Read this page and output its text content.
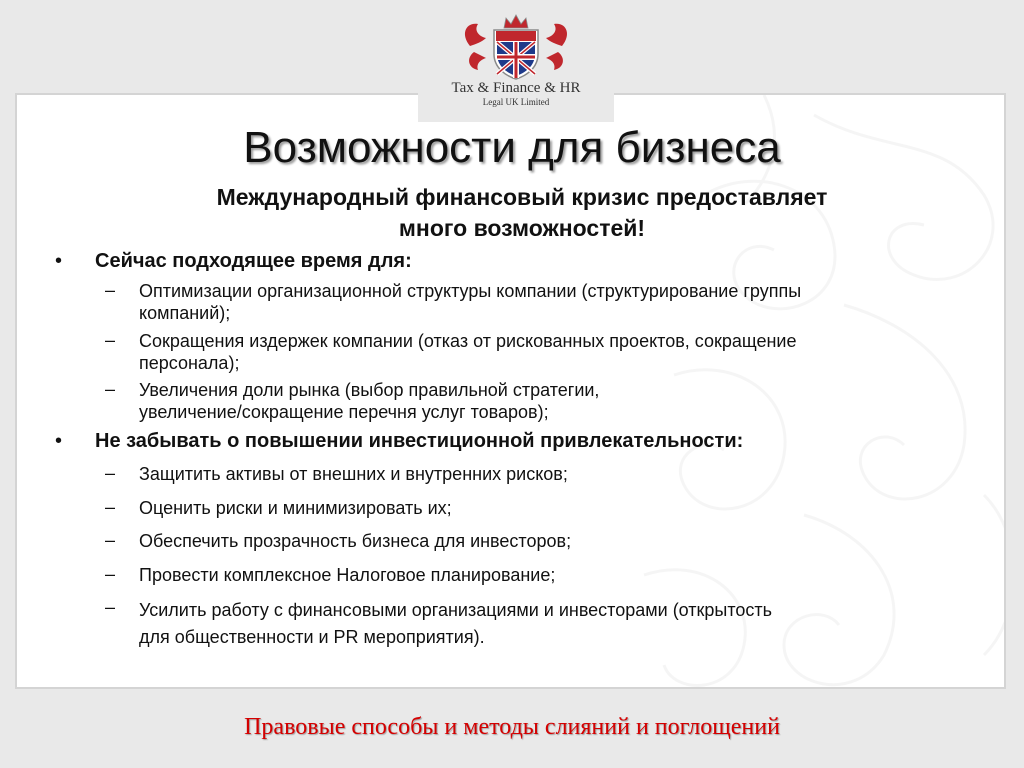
Tax & Finance & HR
Legal UK Limited
Возможности для бизнеса
Международный финансовый кризис предоставляет
много возможностей!
• Сейчас подходящее время для:
– Оптимизации организационной структуры компании (структурирование группы
компаний);
– Сокращения издержек компании (отказ от рискованных проектов, сокращение
персонала);
– Увеличения доли рынка (выбор правильной стратегии,
увеличение/сокращение перечня услуг товаров);
• Не забывать о повышении инвестиционной привлекательности:
– Защитить активы от внешних и внутренних рисков;
– Оценить риски и минимизировать их;
– Обеспечить прозрачность бизнеса для инвесторов;
– Провести комплексное Налоговое планирование;
– Усилить работу с финансовыми организациями и инвесторами (открытость
для общественности и PR мероприятия).
Правовые способы и методы слияний и поглощений
